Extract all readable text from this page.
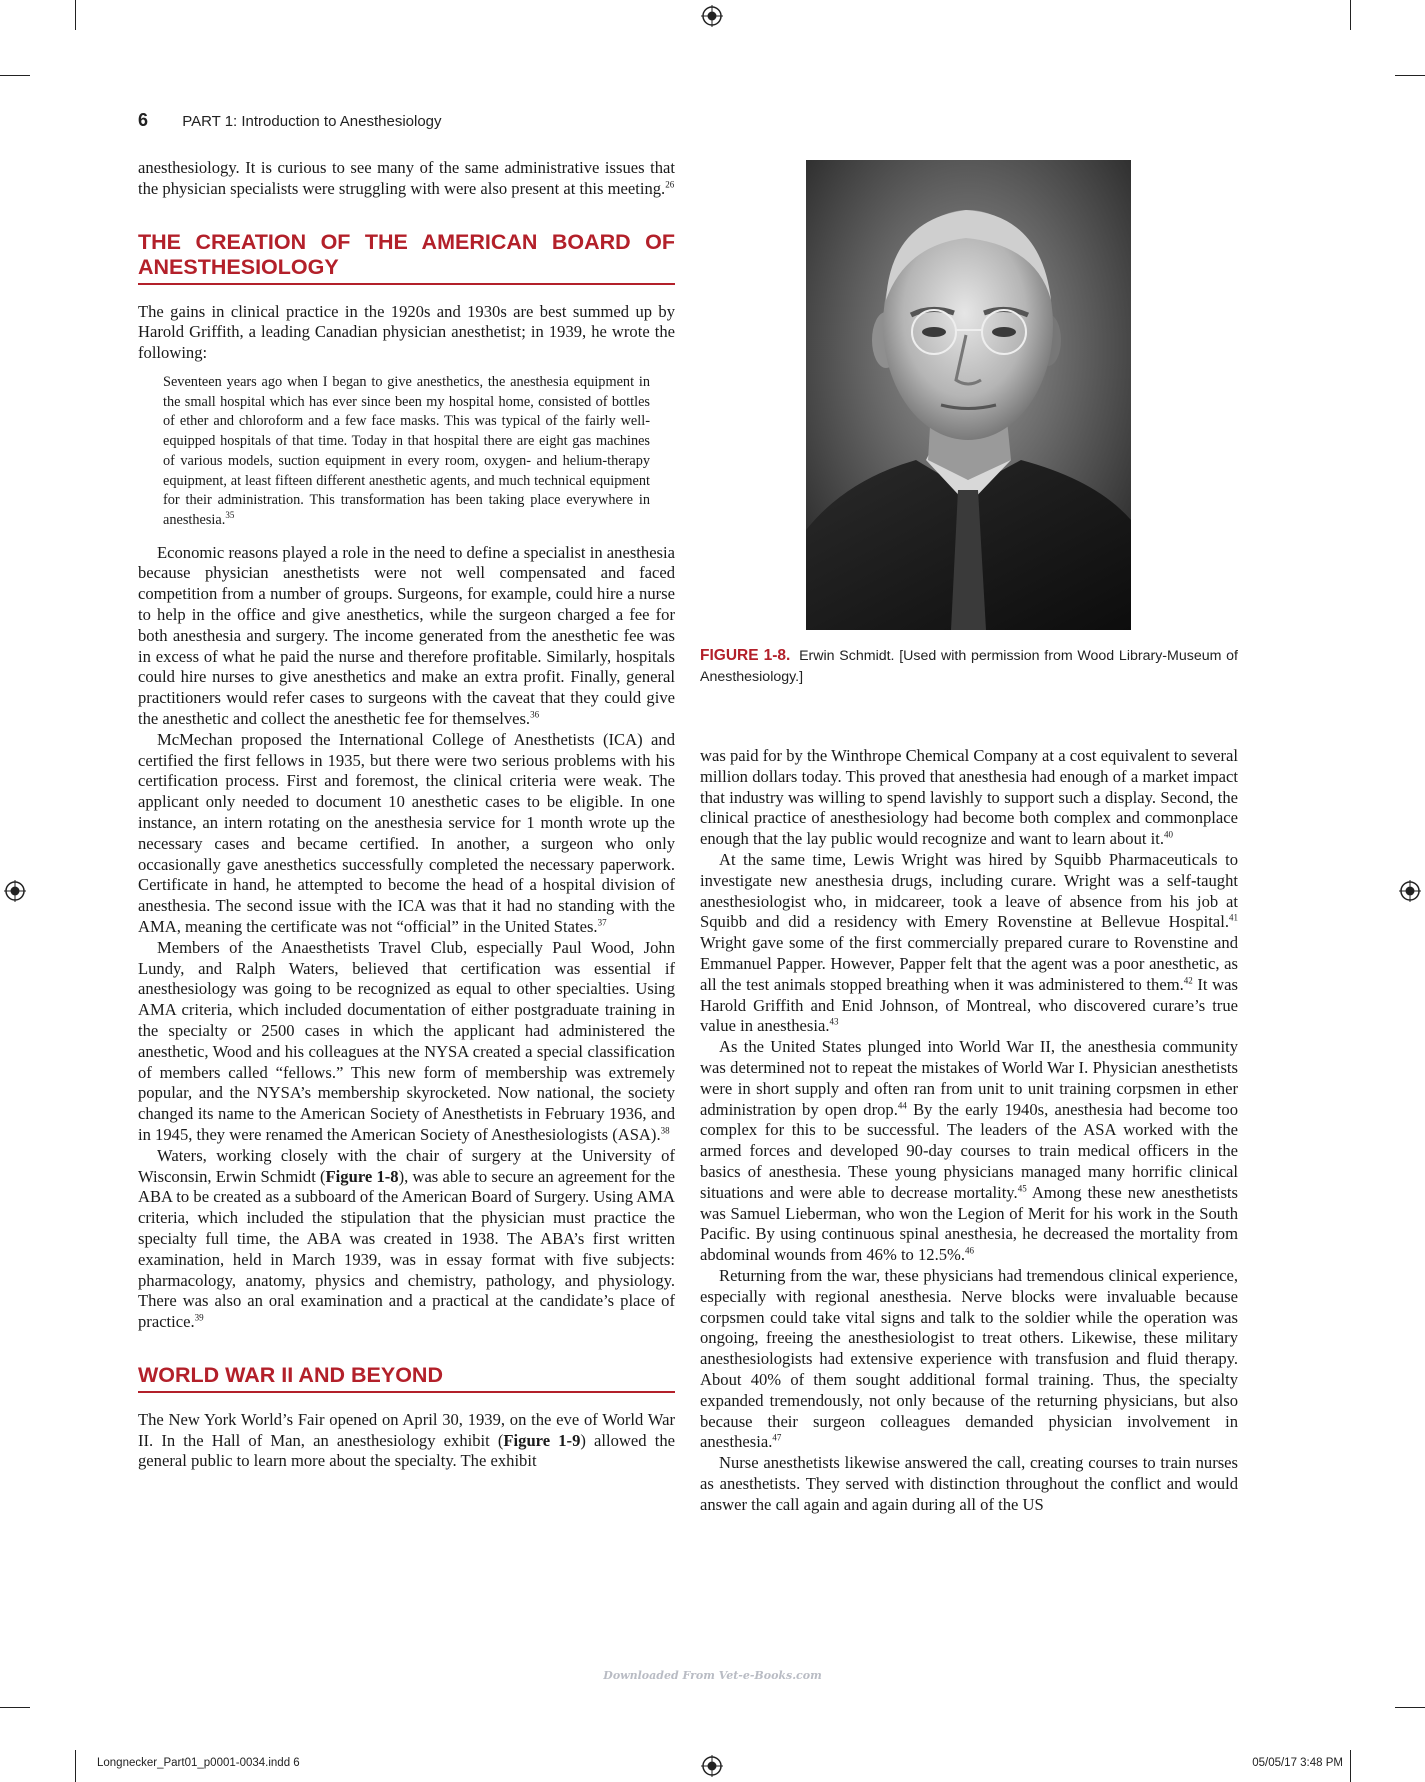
6 PART 1: Introduction to Anesthesiology

anesthesiology. It is curious to see many of the same administrative issues that the physician specialists were struggling with were also present at this meeting.$^{26}$

THE CREATION OF THE AMERICAN BOARD OF ANESTHESIOLOGY

The gains in clinical practice in the 1920s and 1930s are best summed up by Harold Griffith, a leading Canadian physician anesthetist; in 1939, he wrote the following:

Seventeen years ago when I began to give anesthetics, the anesthesia equipment in the small hospital which has ever since been my hospital home, consisted of bottles of ether and chloroform and a few face masks. This was typical of the fairly well-equipped hospitals of that time. Today in that hospital there are eight gas machines of various models, suction equipment in every room, oxygen- and helium-therapy equipment, at least fifteen different anesthetic agents, and much technical equipment for their administration. This transformation has been taking place everywhere in anesthesia.$^{35}$

Economic reasons played a role in the need to define a specialist in anesthesia because physician anesthetists were not well compensated and faced competition from a number of groups. Surgeons, for example, could hire a nurse to help in the office and give anesthetics, while the surgeon charged a fee for both anesthesia and surgery. The income generated from the anesthetic fee was in excess of what he paid the nurse and therefore profitable. Similarly, hospitals could hire nurses to give anesthetics and make an extra profit. Finally, general practitioners would refer cases to surgeons with the caveat that they could give the anesthetic and collect the anesthetic fee for themselves.$^{36}$

McMechan proposed the International College of Anesthetists (ICA) and certified the first fellows in 1935, but there were two serious problems with his certification process. First and foremost, the clinical criteria were weak. The applicant only needed to document 10 anesthetic cases to be eligible. In one instance, an intern rotating on the anesthesia service for 1 month wrote up the necessary cases and became certified. In another, a surgeon who only occasionally gave anesthetics successfully completed the necessary paperwork. Certificate in hand, he attempted to become the head of a hospital division of anesthesia. The second issue with the ICA was that it had no standing with the AMA, meaning the certificate was not “official” in the United States.$^{37}$

Members of the Anaesthetists Travel Club, especially Paul Wood, John Lundy, and Ralph Waters, believed that certification was essential if anesthesiology was going to be recognized as equal to other specialties. Using AMA criteria, which included documentation of either postgraduate training in the specialty or 2500 cases in which the applicant had administered the anesthetic, Wood and his colleagues at the NYSA created a special classification of members called “fellows.” This new form of membership was extremely popular, and the NYSA’s membership skyrocketed. Now national, the society changed its name to the American Society of Anesthetists in February 1936, and in 1945, they were renamed the American Society of Anesthesiologists (ASA).$^{38}$

Waters, working closely with the chair of surgery at the University of Wisconsin, Erwin Schmidt (Figure 1-8), was able to secure an agreement for the ABA to be created as a subboard of the American Board of Surgery. Using AMA criteria, which included the stipulation that the physician must practice the specialty full time, the ABA was created in 1938. The ABA’s first written examination, held in March 1939, was in essay format with five subjects: pharmacology, anatomy, physics and chemistry, pathology, and physiology. There was also an oral examination and a practical at the candidate’s place of practice.$^{39}$

WORLD WAR II AND BEYOND

The New York World’s Fair opened on April 30, 1939, on the eve of World War II. In the Hall of Man, an anesthesiology exhibit (Figure 1-9) allowed the general public to learn more about the specialty. The exhibit

FIGURE 1-8. Erwin Schmidt. [Used with permission from Wood Library-Museum of Anesthesiology.]

was paid for by the Winthrope Chemical Company at a cost equivalent to several million dollars today. This proved that anesthesia had enough of a market impact that industry was willing to spend lavishly to support such a display. Second, the clinical practice of anesthesiology had become both complex and commonplace enough that the lay public would recognize and want to learn about it.$^{40}$

At the same time, Lewis Wright was hired by Squibb Pharmaceuticals to investigate new anesthesia drugs, including curare. Wright was a self-taught anesthesiologist who, in midcareer, took a leave of absence from his job at Squibb and did a residency with Emery Rovenstine at Bellevue Hospital.$^{41}$ Wright gave some of the first commercially prepared curare to Rovenstine and Emmanuel Papper. However, Papper felt that the agent was a poor anesthetic, as all the test animals stopped breathing when it was administered to them.$^{42}$ It was Harold Griffith and Enid Johnson, of Montreal, who discovered curare’s true value in anesthesia.$^{43}$

As the United States plunged into World War II, the anesthesia community was determined not to repeat the mistakes of World War I. Physician anesthetists were in short supply and often ran from unit to unit training corpsmen in ether administration by open drop.$^{44}$ By the early 1940s, anesthesia had become too complex for this to be successful. The leaders of the ASA worked with the armed forces and developed 90-day courses to train medical officers in the basics of anesthesia. These young physicians managed many horrific clinical situations and were able to decrease mortality.$^{45}$ Among these new anesthetists was Samuel Lieberman, who won the Legion of Merit for his work in the South Pacific. By using continuous spinal anesthesia, he decreased the mortality from abdominal wounds from 46% to 12.5%.$^{46}$

Returning from the war, these physicians had tremendous clinical experience, especially with regional anesthesia. Nerve blocks were invaluable because corpsmen could take vital signs and talk to the soldier while the operation was ongoing, freeing the anesthesiologist to treat others. Likewise, these military anesthesiologists had extensive experience with transfusion and fluid therapy. About 40% of them sought additional formal training. Thus, the specialty expanded tremendously, not only because of the returning physicians, but also because their surgeon colleagues demanded physician involvement in anesthesia.$^{47}$

Nurse anesthetists likewise answered the call, creating courses to train nurses as anesthetists. They served with distinction throughout the conflict and would answer the call again and again during all of the US

Downloaded From Vet-e-Books.com
Longnecker_Part01_p0001-0034.indd 6	05/05/17 3:48 PM
